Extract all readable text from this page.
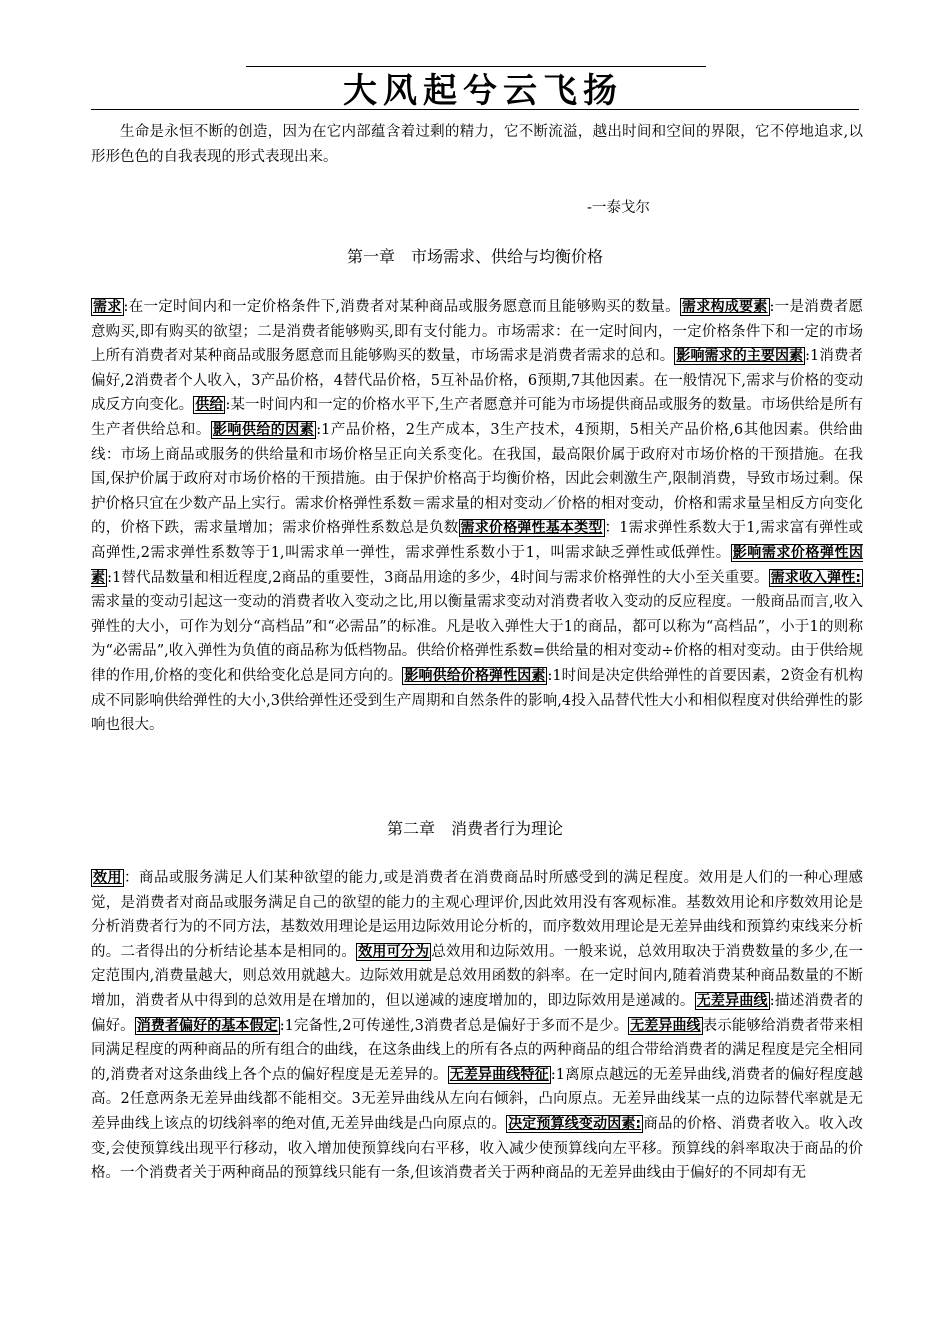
大风起兮云飞扬
生命是永恒不断的创造，因为在它内部蕴含着过剩的精力，它不断流溢，越出时间和空间的界限，它不停地追求,以形形色色的自我表现的形式表现出来。
-一泰戈尔
第一章　市场需求、供给与均衡价格
需求 :在一定时间内和一定价格条件下,消费者对某种商品或服务愿意而且能够购买的数量。 需求构成要素 :一是消费者愿意购买,即有购买的欲望；二是消费者能够购买,即有支付能力。市场需求：在一定时间内，一定价格条件下和一定的市场上所有消费者对某种商品或服务愿意而且能够购买的数量，市场需求是消费者需求的总和。 影响需求的主要因素 :1消费者偏好,2消费者个人收入，3产品价格，4替代品价格，5互补品价格，6预期,7其他因素。在一般情况下,需求与价格的变动成反方向变化。 供给 :某一时间内和一定的价格水平下,生产者愿意并可能为市场提供商品或服务的数量。市场供给是所有生产者供给总和。 影响供给的因素 :1产品价格，2生产成本，3生产技术，4预期，5相关产品价格,6其他因素。供给曲线：市场上商品或服务的供给量和市场价格呈正向关系变化。在我国，最高限价属于政府对市场价格的干预措施。在我国,保护价属于政府对市场价格的干预措施。由于保护价格高于均衡价格，因此会刺激生产,限制消费，导致市场过剩。保护价格只宜在少数产品上实行。需求价格弹性系数＝需求量的相对变动／价格的相对变动，价格和需求量呈相反方向变化的，价格下跌，需求量增加；需求价格弹性系数总是负数 需求价格弹性基本类型 ：1需求弹性系数大于1,需求富有弹性或高弹性,2需求弹性系数等于1,叫需求单一弹性，需求弹性系数小于1，叫需求缺乏弹性或低弹性。 影响需求价格弹性因素 :1替代品数量和相近程度,2商品的重要性，3商品用途的多少，4时间与需求价格弹性的大小至关重要。 需求收入弹性:需求量的变动引起这一变动的消费者收入变动之比,用以衡量需求变动对消费者收入变动的反应程度。一般商品而言,收入弹性的大小，可作为划分“高档品”和“必需品”的标准。凡是收入弹性大于1的商品，都可以称为“高档品”，小于1的则称为“必需品”,收入弹性为负值的商品称为低档物品。供给价格弹性系数=供给量的相对变动÷价格的相对变动。由于供给规律的作用,价格的变化和供给变化总是同方向的。 影响供给价格弹性因素 :1时间是决定供给弹性的首要因素，2资金有机构成不同影响供给弹性的大小,3供给弹性还受到生产周期和自然条件的影响,4投入品替代性大小和相似程度对供给弹性的影响也很大。
第二章　消费者行为理论
效用 ：商品或服务满足人们某种欲望的能力,或是消费者在消费商品时所感受到的满足程度。效用是人们的一种心理感觉，是消费者对商品或服务满足自己的欲望的能力的主观心理评价,因此效用没有客观标准。基数效用论和序数效用论是分析消费者行为的不同方法，基数效用理论是运用边际效用论分析的，而序数效用理论是无差异曲线和预算约束线来分析的。二者得出的分析结论基本是相同的。 效用可分为 总效用和边际效用。一般来说，总效用取决于消费数量的多少,在一定范围内,消费量越大，则总效用就越大。边际效用就是总效用函数的斜率。在一定时间内,随着消费某种商品数量的不断增加，消费者从中得到的总效用是在增加的，但以递减的速度增加的，即边际效用是递减的。 无差异曲线 :描述消费者的偏好。 消费者偏好的基本假定 :1完备性,2可传递性,3消费者总是偏好于多而不是少。 无差异曲线 表示能够给消费者带来相同满足程度的两种商品的所有组合的曲线，在这条曲线上的所有各点的两种商品的组合带给消费者的满足程度是完全相同的,消费者对这条曲线上各个点的偏好程度是无差异的。 无差异曲线特征 :1离原点越远的无差异曲线,消费者的偏好程度越高。2任意两条无差异曲线都不能相交。3无差异曲线从左向右倾斜，凸向原点。无差异曲线某一点的边际替代率就是无差异曲线上该点的切线斜率的绝对值,无差异曲线是凸向原点的。 决定预算线变动因素: 商品的价格、消费者收入。收入改变,会使预算线出现平行移动，收入增加使预算线向右平移，收入减少使预算线向左平移。预算线的斜率取决于商品的价格。一个消费者关于两种商品的预算线只能有一条,但该消费者关于两种商品的无差异曲线由于偏好的不同却有无
